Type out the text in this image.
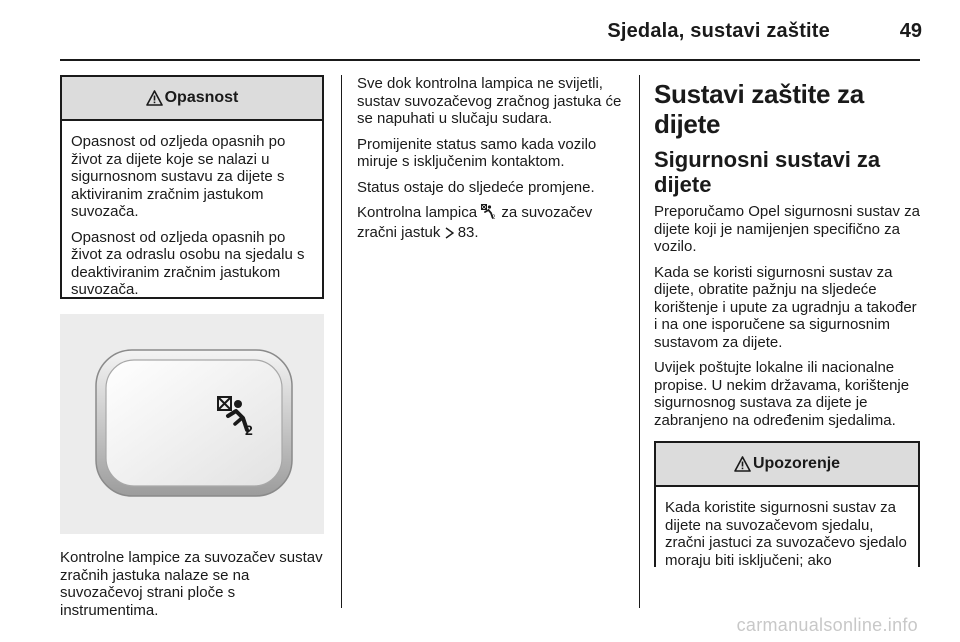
Sjedala, sustavi zaštite	49
Opasnost

Opasnost od ozljeda opasnih po život za dijete koje se nalazi u sigurnosnom sustavu za dijete s aktiviranim zračnim jastukom suvozača.

Opasnost od ozljeda opasnih po život za odraslu osobu na sjedalu s deaktiviranim zračnim jastukom suvozača.

2

Kontrolne lampice za suvozačev sustav zračnih jastuka nalaze se na suvozačevoj strani ploče s instrumentima.

Sve dok kontrolna lampica ne svijetli, sustav suvozačevog zračnog jastuka će se napuhati u slučaju sudara.

Promijenite status samo kada vozilo miruje s isključenim kontaktom.

Status ostaje do sljedeće promjene.

Kontrolna lampica	2 za suvozačev zračni jastuk 83.

Sustavi zaštite za dijete
Sigurnosni sustavi za dijete

Preporučamo Opel sigurnosni sustav za dijete koji je namijenjen specifično za vozilo.

Kada se koristi sigurnosni sustav za dijete, obratite pažnju na sljedeće korištenje i upute za ugradnju a također i na one isporučene sa sigurnosnim sustavom za dijete.

Uvijek poštujte lokalne ili nacionalne propise. U nekim državama, korištenje sigurnosnog sustava za dijete je zabranjeno na određenim sjedalima.

Upozorenje

Kada koristite sigurnosni sustav za dijete na suvozačevom sjedalu, zračni jastuci za suvozačevo sjedalo moraju biti isključeni; ako

carmanualsonline.info
